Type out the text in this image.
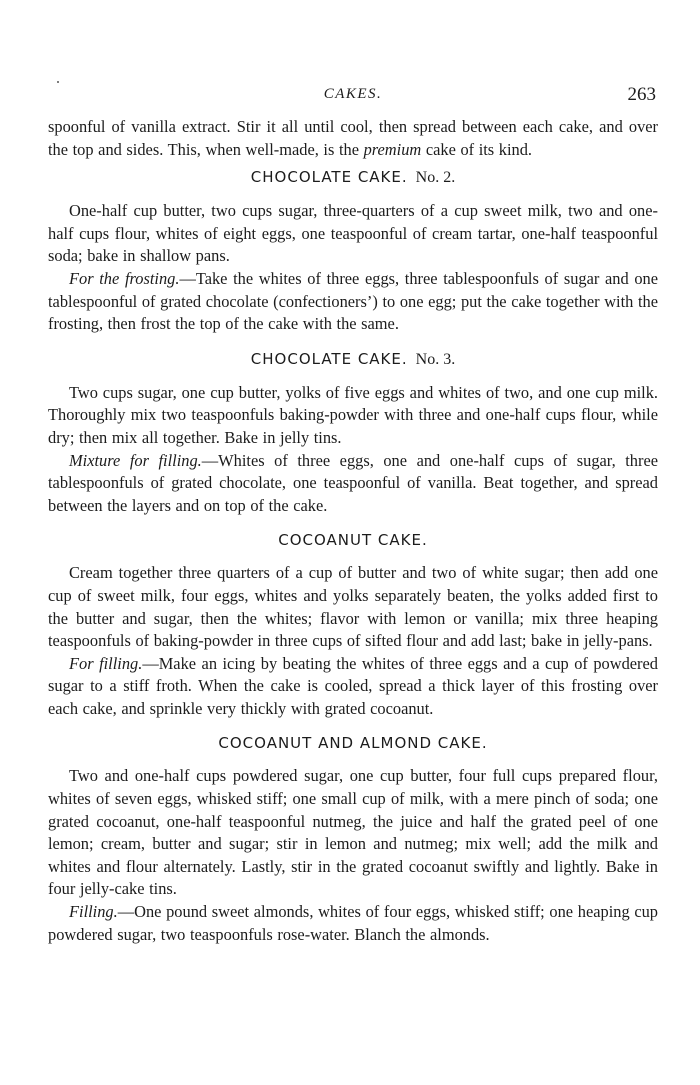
CAKES.	263

spoonful of vanilla extract. Stir it all until cool, then spread between each cake, and over the top and sides. This, when well-made, is the premium cake of its kind.

CHOCOLATE CAKE. No. 2.

One-half cup butter, two cups sugar, three-quarters of a cup sweet milk, two and one-half cups flour, whites of eight eggs, one teaspoonful of cream tartar, one-half teaspoonful soda; bake in shallow pans.

For the frosting.—Take the whites of three eggs, three tablespoonfuls of sugar and one tablespoonful of grated chocolate (confectioners’) to one egg; put the cake together with the frosting, then frost the top of the cake with the same.

CHOCOLATE CAKE. No. 3.

Two cups sugar, one cup butter, yolks of five eggs and whites of two, and one cup milk. Thoroughly mix two teaspoonfuls baking-powder with three and one-half cups flour, while dry; then mix all together. Bake in jelly tins.

Mixture for filling.—Whites of three eggs, one and one-half cups of sugar, three tablespoonfuls of grated chocolate, one teaspoonful of vanilla. Beat together, and spread between the layers and on top of the cake.

COCOANUT CAKE.

Cream together three quarters of a cup of butter and two of white sugar; then add one cup of sweet milk, four eggs, whites and yolks separately beaten, the yolks added first to the butter and sugar, then the whites; flavor with lemon or vanilla; mix three heaping teaspoonfuls of baking-powder in three cups of sifted flour and add last; bake in jelly-pans.

For filling.—Make an icing by beating the whites of three eggs and a cup of powdered sugar to a stiff froth. When the cake is cooled, spread a thick layer of this frosting over each cake, and sprinkle very thickly with grated cocoanut.

COCOANUT AND ALMOND CAKE.

Two and one-half cups powdered sugar, one cup butter, four full cups prepared flour, whites of seven eggs, whisked stiff; one small cup of milk, with a mere pinch of soda; one grated cocoanut, one-half teaspoonful nutmeg, the juice and half the grated peel of one lemon; cream, butter and sugar; stir in lemon and nutmeg; mix well; add the milk and whites and flour alternately. Lastly, stir in the grated cocoanut swiftly and lightly. Bake in four jelly-cake tins.

Filling.—One pound sweet almonds, whites of four eggs, whisked stiff; one heaping cup powdered sugar, two teaspoonfuls rose-water. Blanch the almonds.
